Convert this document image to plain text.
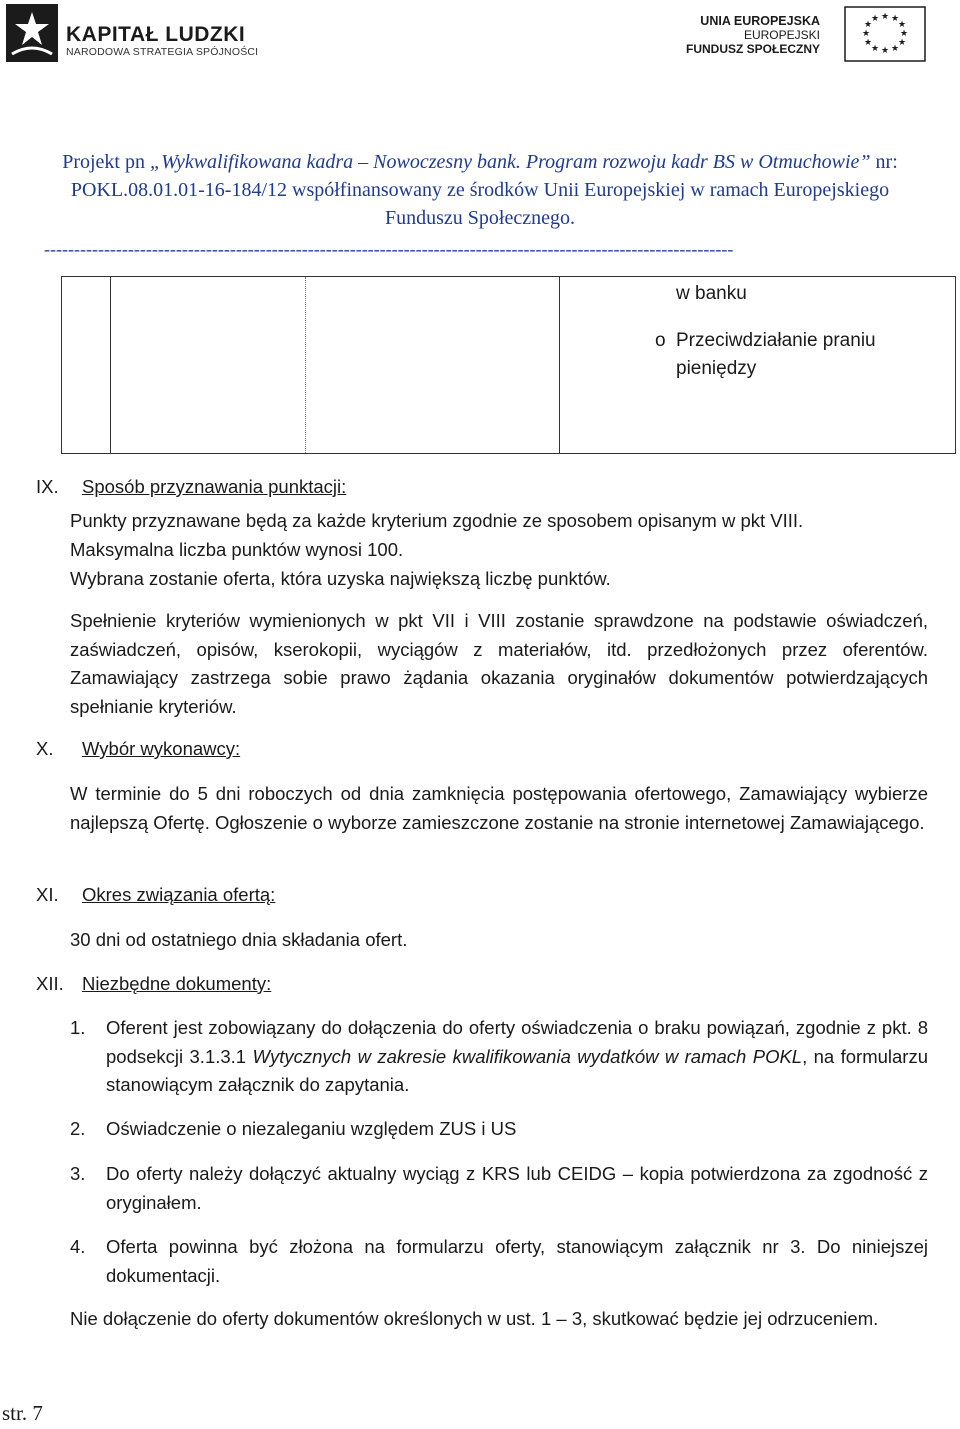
KAPITAŁ LUDZKI
NARODOWA STRATEGIA SPÓJNOŚCI
UNIA EUROPEJSKA
EUROPEJSKI
FUNDUSZ SPOŁECZNY
★ ★
★
★
★
★
★
★
★
★
★
★
Projekt pn „Wykwalifikowana kadra – Nowoczesny bank. Program rozwoju kadr BS w Otmuchowie” nr: POKL.08.01.01-16-184/12 współfinansowany ze środków Unii Europejskiej w ramach Europejskiego Funduszu Społecznego.
-------------------------------------------------------------------------------------------------------------------
w banku
o Przeciwdziałanie praniu pieniędzy
IX. Sposób przyznawania punktacji:
Punkty przyznawane będą za każde kryterium zgodnie ze sposobem opisanym w pkt VIII.
Maksymalna liczba punktów wynosi 100.
Wybrana zostanie oferta, która uzyska największą liczbę punktów.
Spełnienie kryteriów wymienionych w pkt VII i VIII zostanie sprawdzone na podstawie oświadczeń, zaświadczeń, opisów, kserokopii, wyciągów z materiałów, itd. przedłożonych przez oferentów. Zamawiający zastrzega sobie prawo żądania okazania oryginałów dokumentów potwierdzających spełnianie kryteriów.
X. Wybór wykonawcy:
W terminie do 5 dni roboczych od dnia zamknięcia postępowania ofertowego, Zamawiający wybierze najlepszą Ofertę. Ogłoszenie o wyborze zamieszczone zostanie na stronie internetowej Zamawiającego.
XI. Okres związania ofertą:
30 dni od ostatniego dnia składania ofert.
XII. Niezbędne dokumenty:
1. Oferent jest zobowiązany do dołączenia do oferty oświadczenia o braku powiązań, zgodnie z pkt. 8 podsekcji 3.1.3.1 Wytycznych w zakresie kwalifikowania wydatków w ramach POKL, na formularzu stanowiącym załącznik do zapytania.
2. Oświadczenie o niezaleganiu względem ZUS i US
3. Do oferty należy dołączyć aktualny wyciąg z KRS lub CEIDG – kopia potwierdzona za zgodność z oryginałem.
4. Oferta powinna być złożona na formularzu oferty, stanowiącym załącznik nr 3. Do niniejszej dokumentacji.
Nie dołączenie do oferty dokumentów określonych w ust. 1 – 3, skutkować będzie jej odrzuceniem.
str. 7
